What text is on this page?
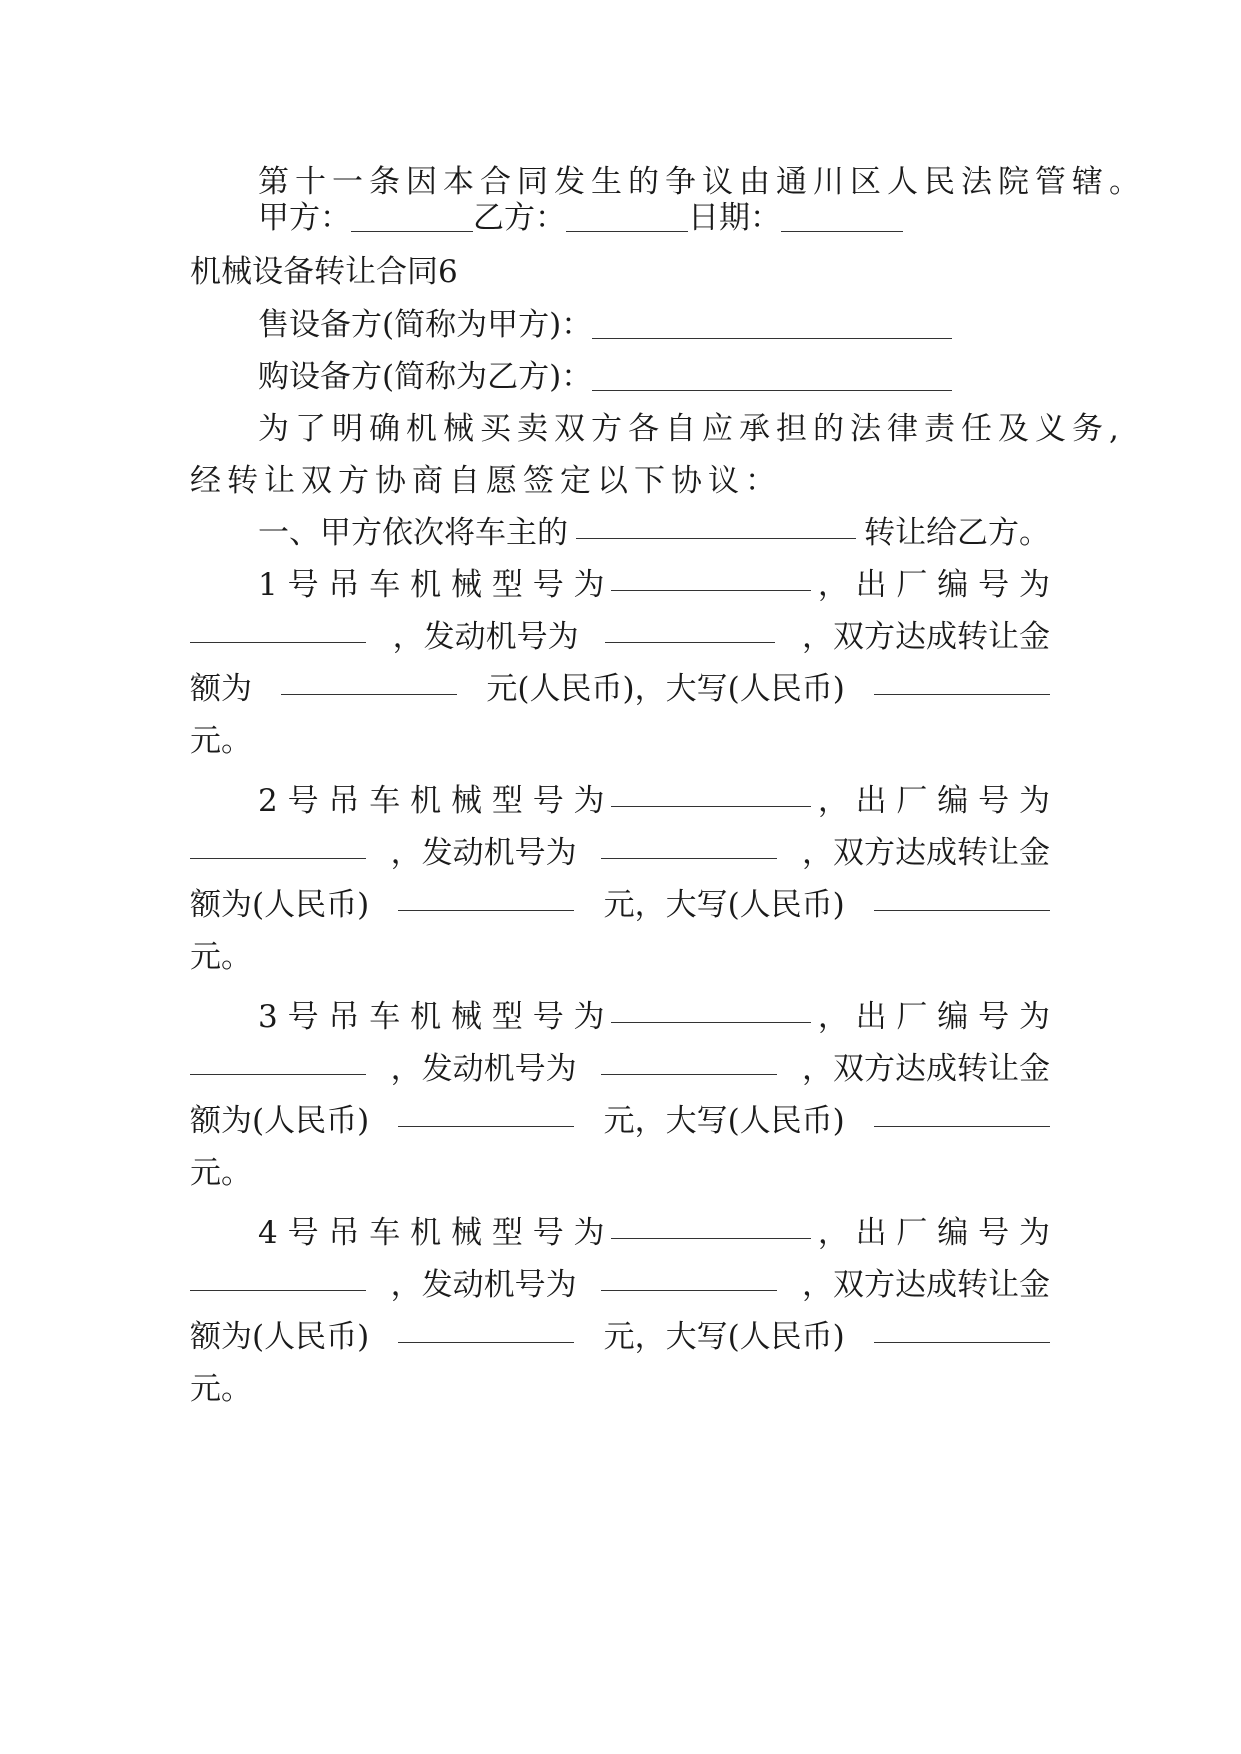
第十一条因本合同发生的争议由通川区人民法院管辖。
甲方：	乙方：	日期：
机械设备转让合同6
售设备方(简称为甲方)：
购设备方(简称为乙方)：
为了明确机械买卖双方各自应承担的法律责任及义务,
经转让双方协商自愿签定以下协议：
一、甲方依次将车主的	转让给乙方。
1 号 吊 车 机 械 型 号 为	， 出 厂 编 号 为
，发动机号为	，双方达成转让金
额为	元(人民币)，大写(人民币)
元。
2 号 吊 车 机 械 型 号 为	， 出 厂 编 号 为
，发动机号为	，双方达成转让金
额为(人民币)	元，大写(人民币)
元。
3 号 吊 车 机 械 型 号 为	， 出 厂 编 号 为
，发动机号为	，双方达成转让金
额为(人民币)	元，大写(人民币)
元。
4 号 吊 车 机 械 型 号 为	， 出 厂 编 号 为
，发动机号为	，双方达成转让金
额为(人民币)	元，大写(人民币)
元。
